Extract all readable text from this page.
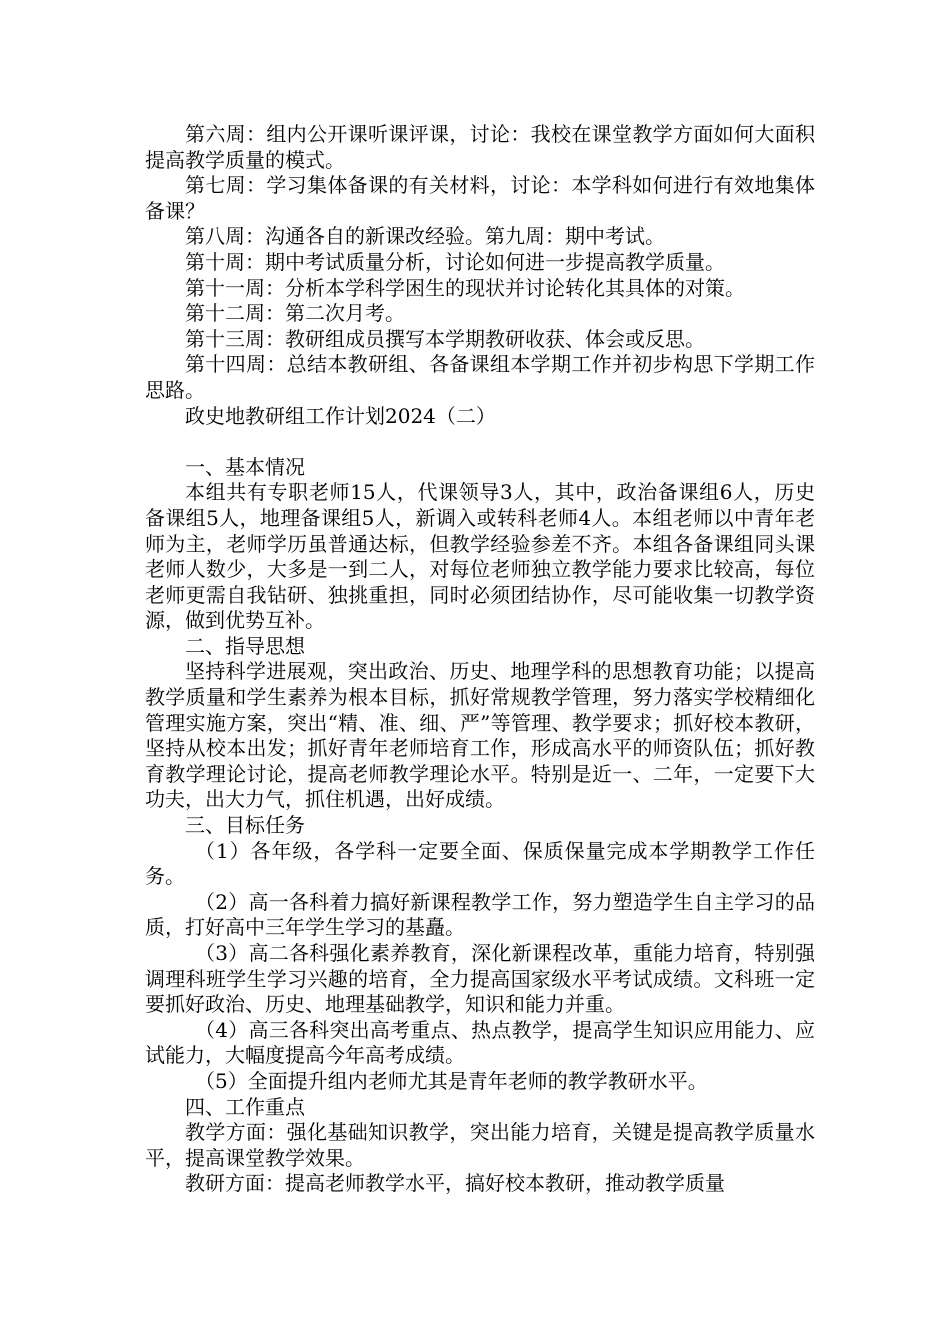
第六周：组内公开课听课评课，讨论：我校在课堂教学方面如何大面积提高教学质量的模式。

第七周：学习集体备课的有关材料，讨论：本学科如何进行有效地集体备课？

第八周：沟通各自的新课改经验。第九周：期中考试。

第十周：期中考试质量分析，讨论如何进一步提高教学质量。

第十一周：分析本学科学困生的现状并讨论转化其具体的对策。

第十二周：第二次月考。

第十三周：教研组成员撰写本学期教研收获、体会或反思。

第十四周：总结本教研组、各备课组本学期工作并初步构思下学期工作思路。

政史地教研组工作计划2024（二）

一、基本情况

本组共有专职老师15人，代课领导3人，其中，政治备课组6人，历史备课组5人，地理备课组5人，新调入或转科老师4人。本组老师以中青年老师为主，老师学历虽普通达标，但教学经验参差不齐。本组各备课组同头课老师人数少，大多是一到二人，对每位老师独立教学能力要求比较高，每位老师更需自我钻研、独挑重担，同时必须团结协作，尽可能收集一切教学资源，做到优势互补。

二、指导思想

坚持科学进展观，突出政治、历史、地理学科的思想教育功能；以提高教学质量和学生素养为根本目标，抓好常规教学管理，努力落实学校精细化管理实施方案，突出“精、准、细、严”等管理、教学要求；抓好校本教研，坚持从校本出发；抓好青年老师培育工作，形成高水平的师资队伍；抓好教育教学理论讨论，提高老师教学理论水平。特别是近一、二年，一定要下大功夫，出大力气，抓住机遇，出好成绩。

三、目标任务

（1）各年级，各学科一定要全面、保质保量完成本学期教学工作任务。

（2）高一各科着力搞好新课程教学工作，努力塑造学生自主学习的品质，打好高中三年学生学习的基矗。

（3）高二各科强化素养教育，深化新课程改革，重能力培育，特别强调理科班学生学习兴趣的培育，全力提高国家级水平考试成绩。文科班一定要抓好政治、历史、地理基础教学，知识和能力并重。

（4）高三各科突出高考重点、热点教学，提高学生知识应用能力、应试能力，大幅度提高今年高考成绩。

（5）全面提升组内老师尤其是青年老师的教学教研水平。

四、工作重点

教学方面：强化基础知识教学，突出能力培育，关键是提高教学质量水平，提高课堂教学效果。

教研方面：提高老师教学水平，搞好校本教研，推动教学质量
